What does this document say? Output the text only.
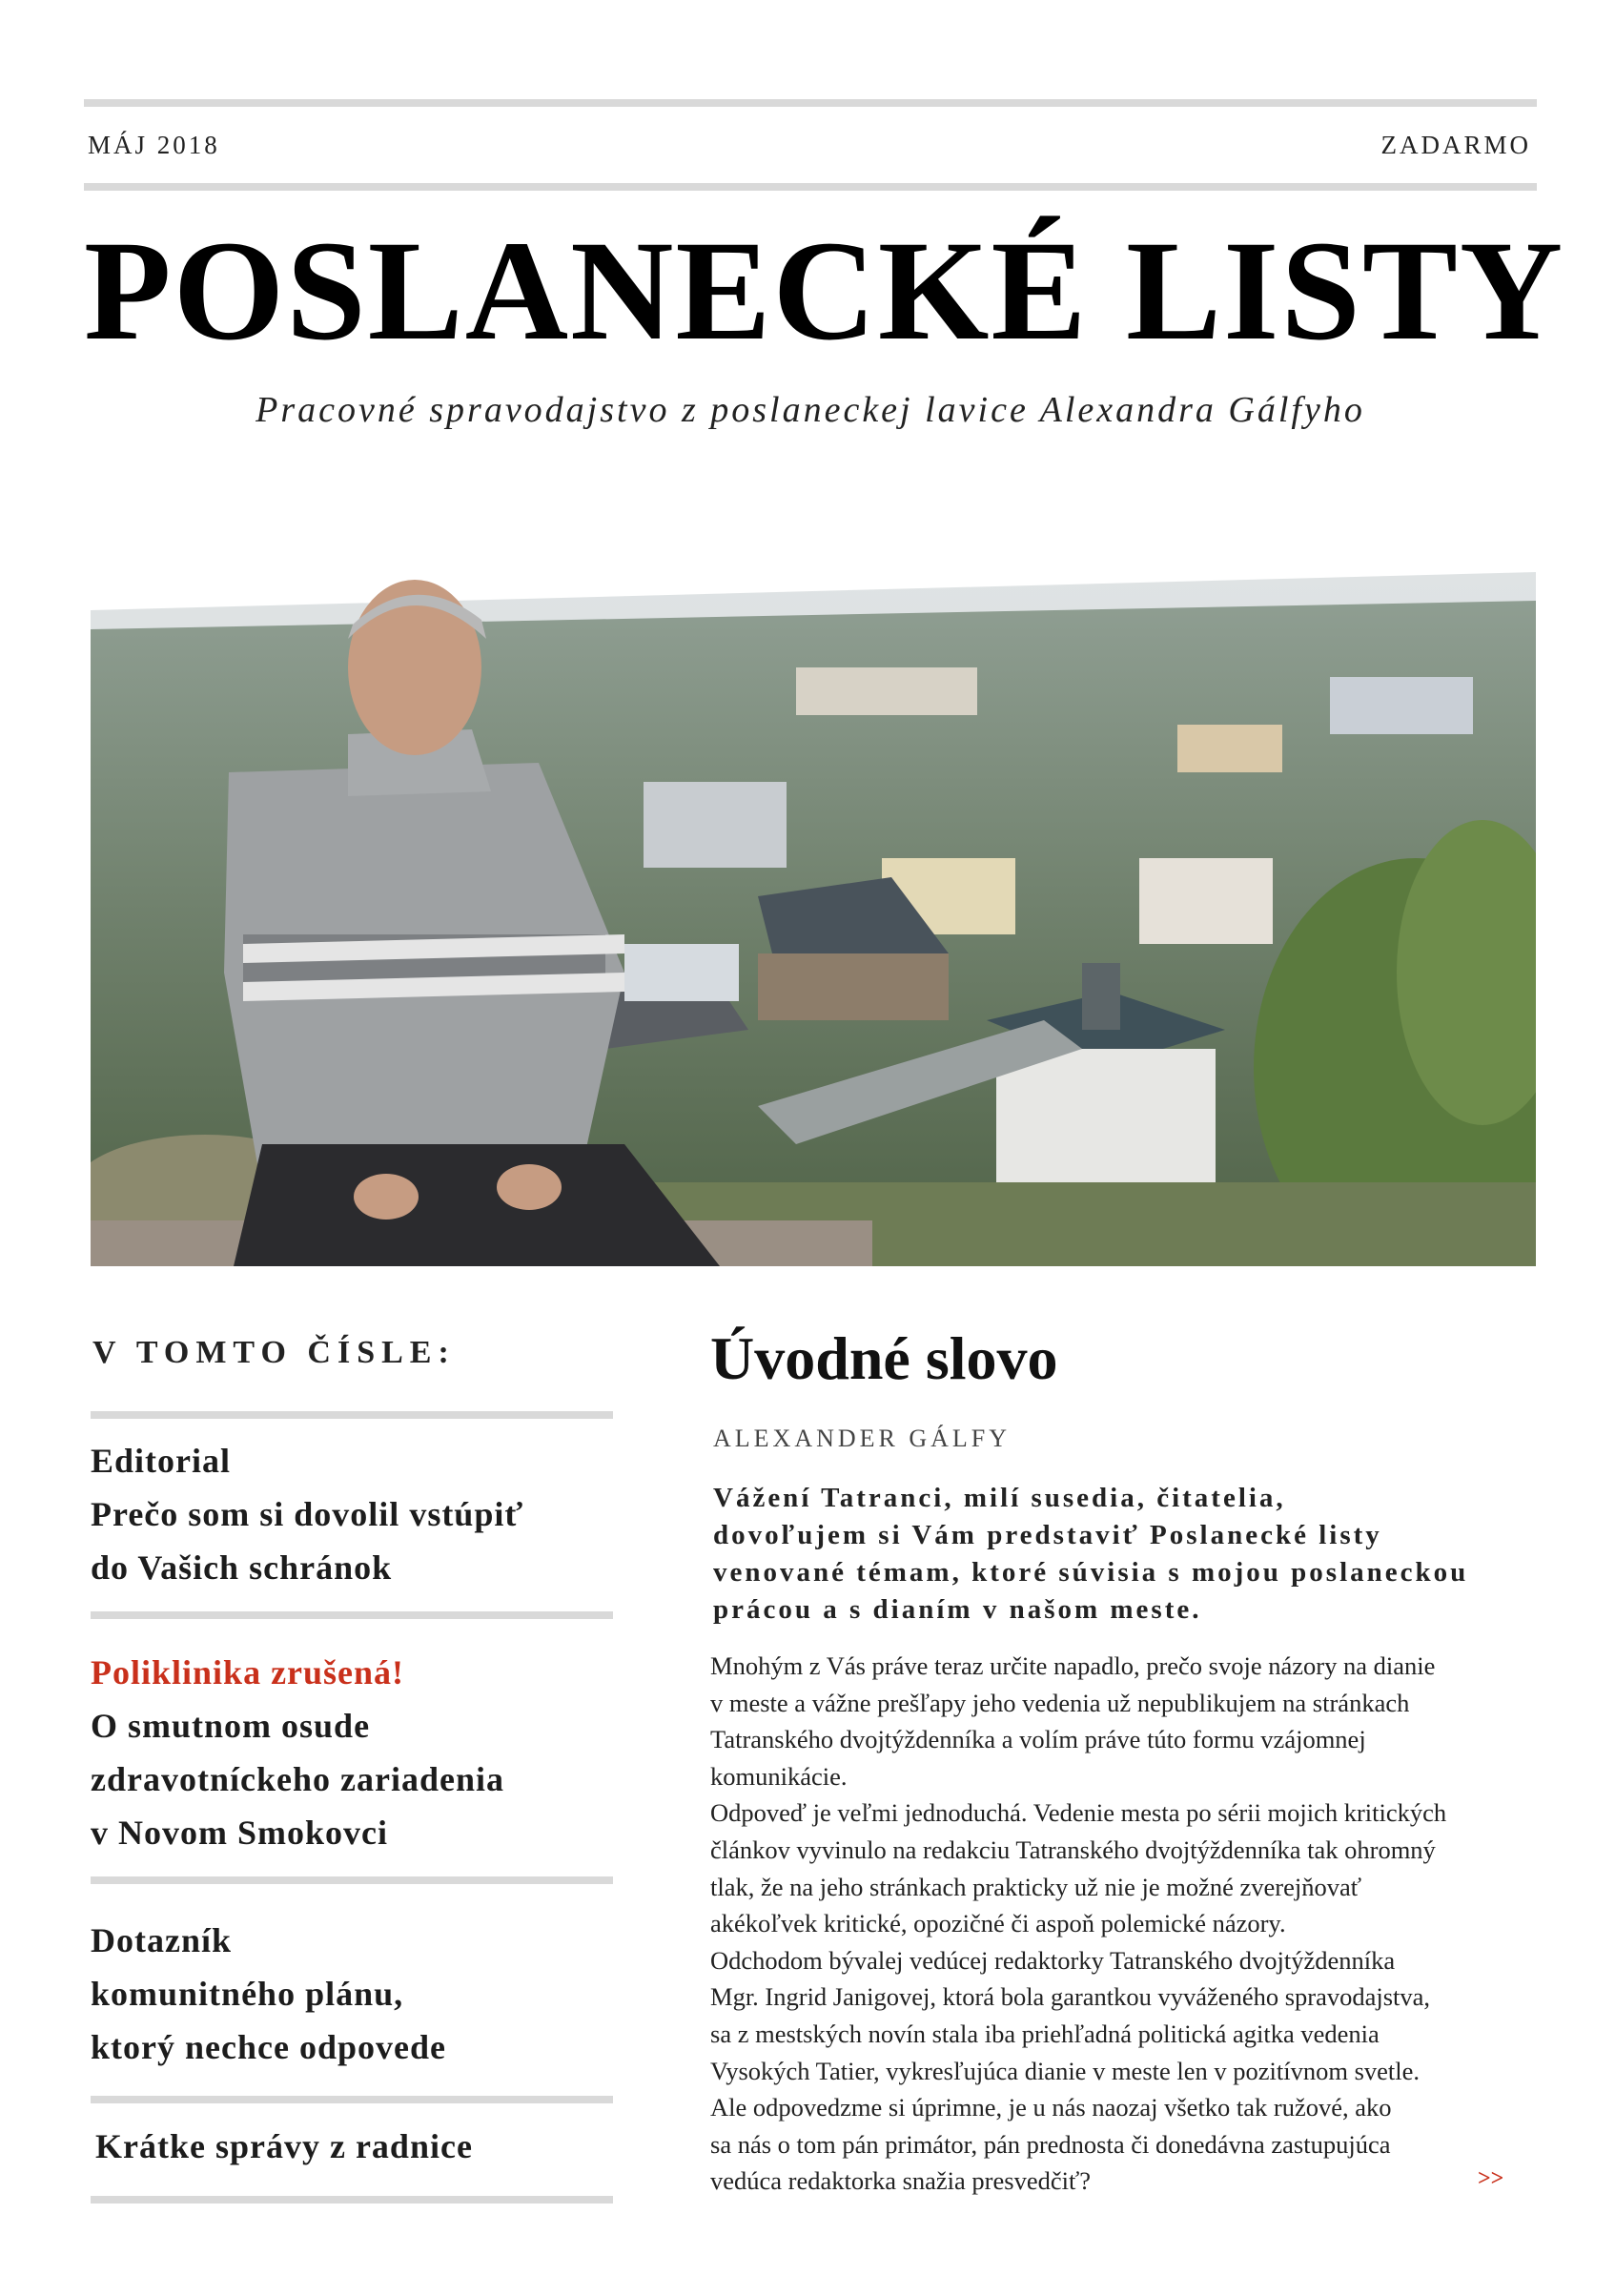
MÁJ 2018	ZADARMO
POSLANECKÉ LISTY
Pracovné spravodajstvo z poslaneckej lavice Alexandra Gálfyho
V TOMTO ČÍSLE:
Editorial
Prečo som si dovolil vstúpiť
do Vašich schránok
Poliklinika zrušená!
O smutnom osude
zdravotníckeho zariadenia
v Novom Smokovci
Dotazník
komunitného plánu,
ktorý nechce odpovede
Krátke správy z radnice
Úvodné slovo
ALEXANDER GÁLFY
Vážení Tatranci, milí susedia, čitatelia,
dovoľujem si Vám predstaviť Poslanecké listy
venované témam, ktoré súvisia s mojou poslaneckou
prácou a s dianím v našom meste.
Mnohým z Vás práve teraz určite napadlo, prečo svoje názory na dianie
v meste a vážne prešľapy jeho vedenia už nepublikujem na stránkach
Tatranského dvojtýždenníka a volím práve túto formu vzájomnej
komunikácie.
Odpoveď je veľmi jednoduchá. Vedenie mesta po sérii mojich kritických
článkov vyvinulo na redakciu Tatranského dvojtýždenníka tak ohromný
tlak, že na jeho stránkach prakticky už nie je možné zverejňovať
akékoľvek kritické, opozičné či aspoň polemické názory.
Odchodom bývalej vedúcej redaktorky Tatranského dvojtýždenníka
Mgr. Ingrid Janigovej, ktorá bola garantkou vyváženého spravodajstva,
sa z mestských novín stala iba priehľadná politická agitka vedenia
Vysokých Tatier, vykresľujúca dianie v meste len v pozitívnom svetle.
Ale odpovedzme si úprimne, je u nás naozaj všetko tak ružové, ako
sa nás o tom pán primátor, pán prednosta či donedávna zastupujúca
vedúca redaktorka snažia presvedčiť?	>>
